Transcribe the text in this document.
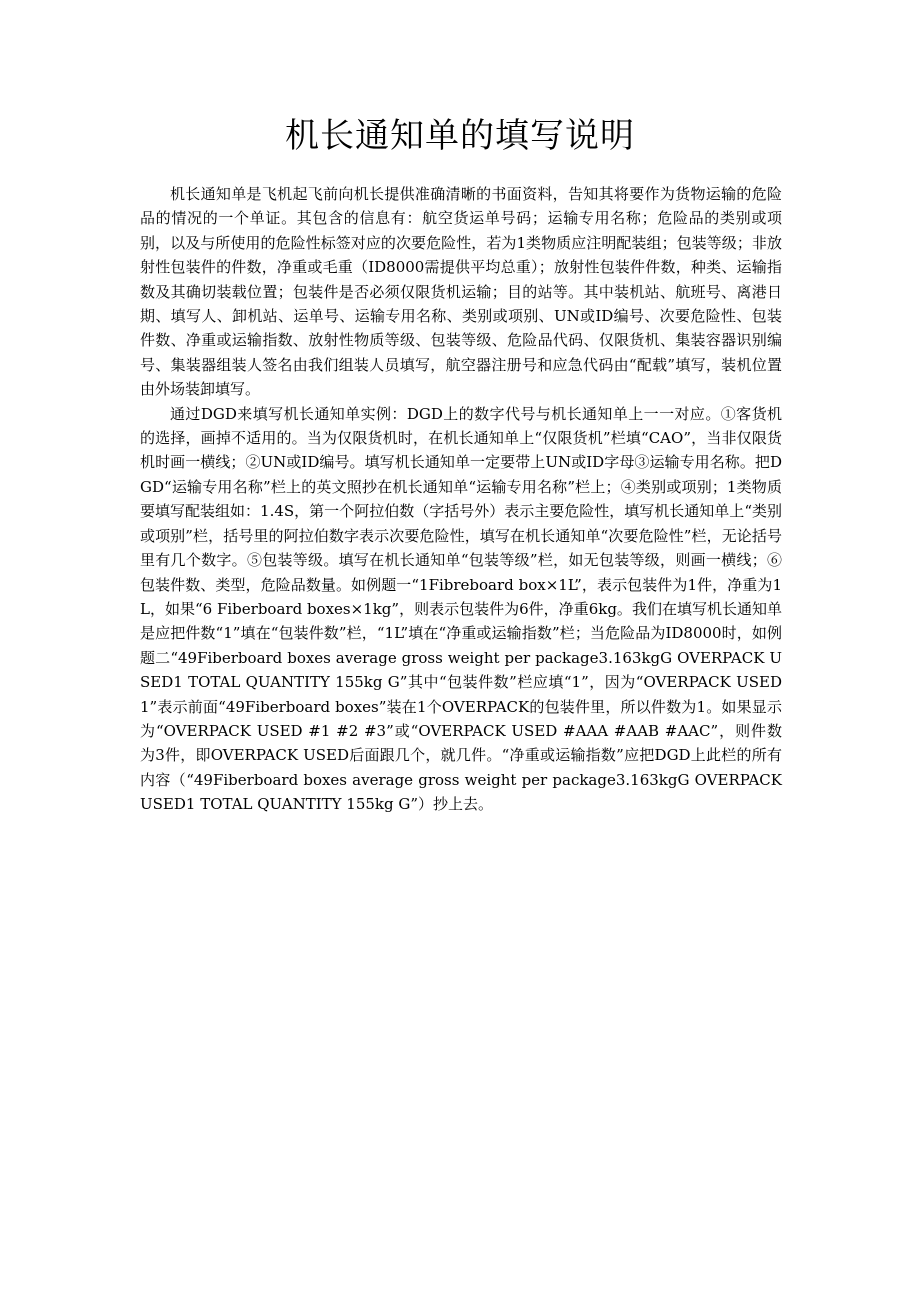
机长通知单的填写说明

机长通知单是飞机起飞前向机长提供准确清晰的书面资料，告知其将要作为货物运输的危险品的情况的一个单证。其包含的信息有：航空货运单号码；运输专用名称；危险品的类别或项别，以及与所使用的危险性标签对应的次要危险性，若为1类物质应注明配装组；包装等级；非放射性包装件的件数，净重或毛重（ID8000需提供平均总重）；放射性包装件件数，种类、运输指数及其确切装载位置；包装件是否必须仅限货机运输；目的站等。其中装机站、航班号、离港日期、填写人、卸机站、运单号、运输专用名称、类别或项别、UN或ID编号、次要危险性、包装件数、净重或运输指数、放射性物质等级、包装等级、危险品代码、仅限货机、集装容器识别编号、集装器组装人签名由我们组装人员填写，航空器注册号和应急代码由“配载”填写，装机位置由外场装卸填写。

通过DGD来填写机长通知单实例：DGD上的数字代号与机长通知单上一一对应。①客货机的选择，画掉不适用的。当为仅限货机时，在机长通知单上“仅限货机”栏填“CAO”，当非仅限货机时画一横线；②UN或ID编号。填写机长通知单一定要带上UN或ID字母③运输专用名称。把DGD“运输专用名称”栏上的英文照抄在机长通知单“运输专用名称”栏上；④类别或项别；1类物质要填写配装组如：1.4S，第一个阿拉伯数（字括号外）表示主要危险性，填写机长通知单上“类别或项别”栏，括号里的阿拉伯数字表示次要危险性，填写在机长通知单“次要危险性”栏，无论括号里有几个数字。⑤包装等级。填写在机长通知单“包装等级”栏，如无包装等级，则画一横线；⑥包装件数、类型，危险品数量。如例题一“1Fibreboard box×1L”，表示包装件为1件，净重为1L，如果“6 Fiberboard boxes×1kg”，则表示包装件为6件，净重6kg。我们在填写机长通知单是应把件数“1”填在“包装件数”栏，“1L”填在“净重或运输指数”栏；当危险品为ID8000时，如例题二“49Fiberboard boxes average gross weight per package3.163kgG OVERPACK USED1 TOTAL QUANTITY 155kg G”其中“包装件数”栏应填“1”，因为“OVERPACK USED1”表示前面“49Fiberboard boxes”装在1个OVERPACK的包装件里，所以件数为1。如果显示为“OVERPACK USED #1 #2 #3”或“OVERPACK USED #AAA #AAB #AAC”，则件数为3件，即OVERPACK USED后面跟几个，就几件。“净重或运输指数”应把DGD上此栏的所有内容（“49Fiberboard boxes average gross weight per package3.163kgG OVERPACK USED1 TOTAL QUANTITY 155kg G”）抄上去。
